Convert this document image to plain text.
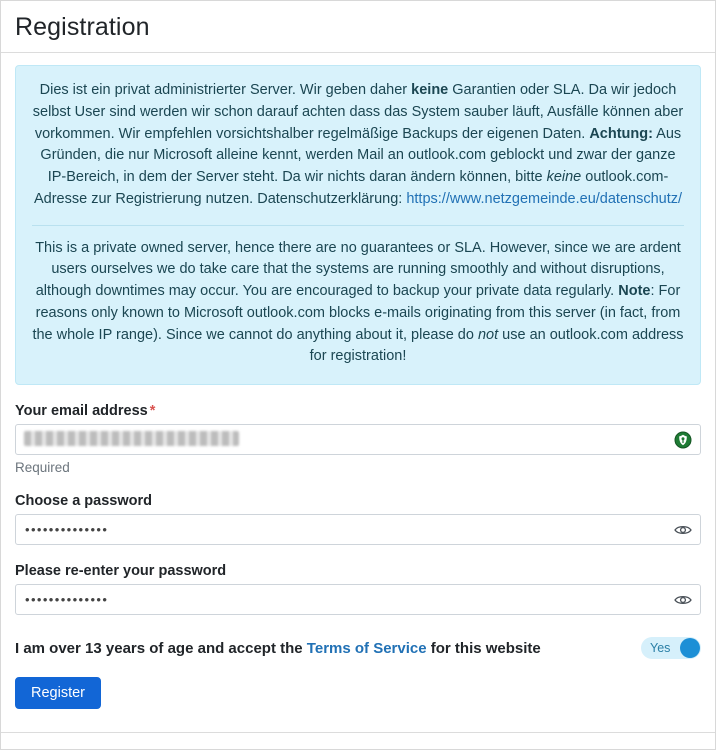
Registration

Dies ist ein privat administrierter Server. Wir geben daher keine Garantien oder SLA. Da wir jedoch selbst User sind werden wir schon darauf achten dass das System sauber läuft, Ausfälle können aber vorkommen. Wir empfehlen vorsichtshalber regelmäßige Backups der eigenen Daten. Achtung: Aus Gründen, die nur Microsoft alleine kennt, werden Mail an outlook.com geblockt und zwar der ganze IP-Bereich, in dem der Server steht. Da wir nichts daran ändern können, bitte keine outlook.com-Adresse zur Registrierung nutzen. Datenschutzerklärung: https://www.netzgemeinde.eu/datenschutz/

This is a private owned server, hence there are no guarantees or SLA. However, since we are ardent users ourselves we do take care that the systems are running smoothly and without disruptions, although downtimes may occur. You are encouraged to backup your private data regularly. Note: For reasons only known to Microsoft outlook.com blocks e-mails originating from this server (in fact, from the whole IP range). Since we cannot do anything about it, please do not use an outlook.com address for registration!

Your email address *
Required
Choose a password
••••••••••••••
Please re-enter your password
••••••••••••••
I am over 13 years of age and accept the Terms of Service for this website	Yes
Register
